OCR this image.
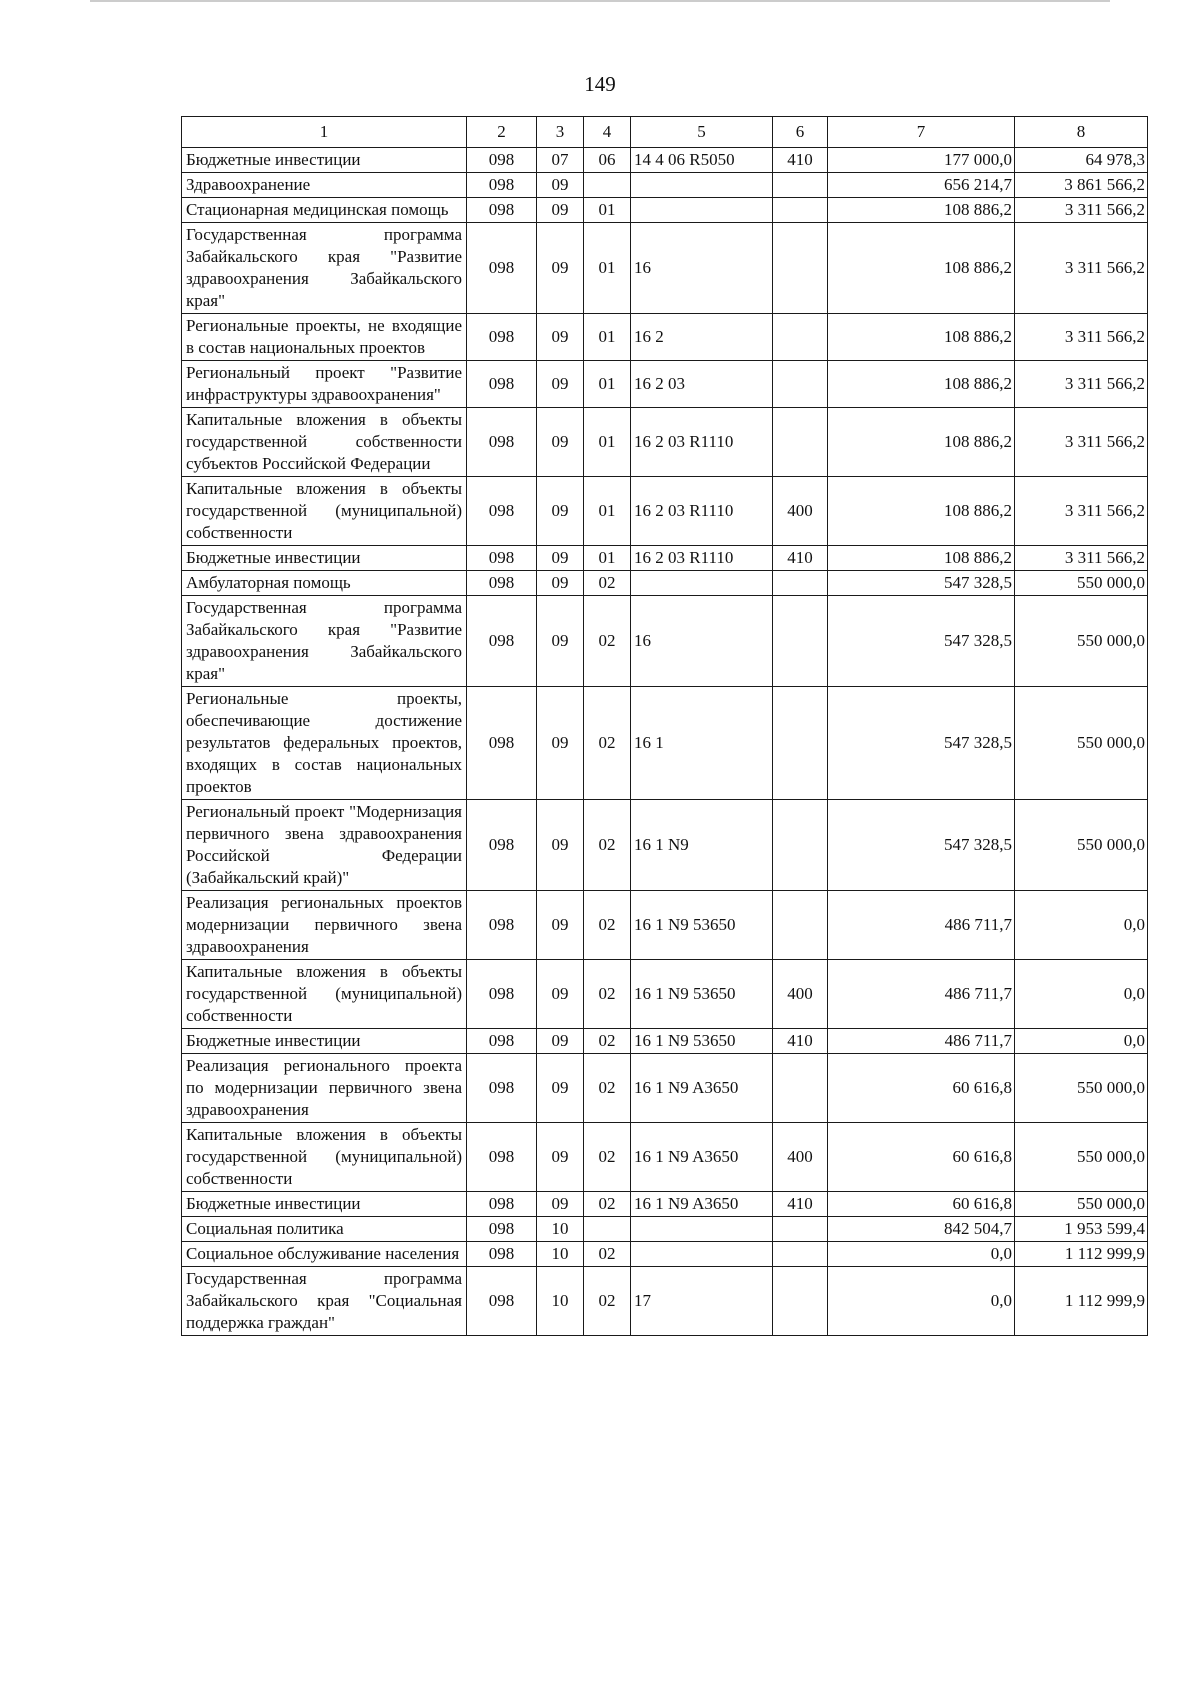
149
1	2	3	4	5	6	7	8
Бюджетные инвестиции	098	07	06	14 4 06 R5050	410	177 000,0	64 978,3
Здравоохранение	098	09				656 214,7	3 861 566,2
Стационарная медицинская помощь	098	09	01			108 886,2	3 311 566,2
Государственная программа Забайкальского края "Развитие здравоохранения Забайкальского края"	098	09	01	16		108 886,2	3 311 566,2
Региональные проекты, не входящие в состав национальных проектов	098	09	01	16 2		108 886,2	3 311 566,2
Региональный проект "Развитие инфраструктуры здравоохранения"	098	09	01	16 2 03		108 886,2	3 311 566,2
Капитальные вложения в объекты государственной собственности субъектов Российской Федерации	098	09	01	16 2 03 R1110		108 886,2	3 311 566,2
Капитальные вложения в объекты государственной (муниципальной) собственности	098	09	01	16 2 03 R1110	400	108 886,2	3 311 566,2
Бюджетные инвестиции	098	09	01	16 2 03 R1110	410	108 886,2	3 311 566,2
Амбулаторная помощь	098	09	02			547 328,5	550 000,0
Государственная программа Забайкальского края "Развитие здравоохранения Забайкальского края"	098	09	02	16		547 328,5	550 000,0
Региональные проекты, обеспечивающие достижение результатов федеральных проектов, входящих в состав национальных проектов	098	09	02	16 1		547 328,5	550 000,0
Региональный проект "Модернизация первичного звена здравоохранения Российской Федерации (Забайкальский край)"	098	09	02	16 1 N9		547 328,5	550 000,0
Реализация региональных проектов модернизации первичного звена здравоохранения	098	09	02	16 1 N9 53650		486 711,7	0,0
Капитальные вложения в объекты государственной (муниципальной) собственности	098	09	02	16 1 N9 53650	400	486 711,7	0,0
Бюджетные инвестиции	098	09	02	16 1 N9 53650	410	486 711,7	0,0
Реализация регионального проекта по модернизации первичного звена здравоохранения	098	09	02	16 1 N9 A3650		60 616,8	550 000,0
Капитальные вложения в объекты государственной (муниципальной) собственности	098	09	02	16 1 N9 A3650	400	60 616,8	550 000,0
Бюджетные инвестиции	098	09	02	16 1 N9 A3650	410	60 616,8	550 000,0
Социальная политика	098	10				842 504,7	1 953 599,4
Социальное обслуживание населения	098	10	02			0,0	1 112 999,9
Государственная программа Забайкальского края "Социальная поддержка граждан"	098	10	02	17		0,0	1 112 999,9
